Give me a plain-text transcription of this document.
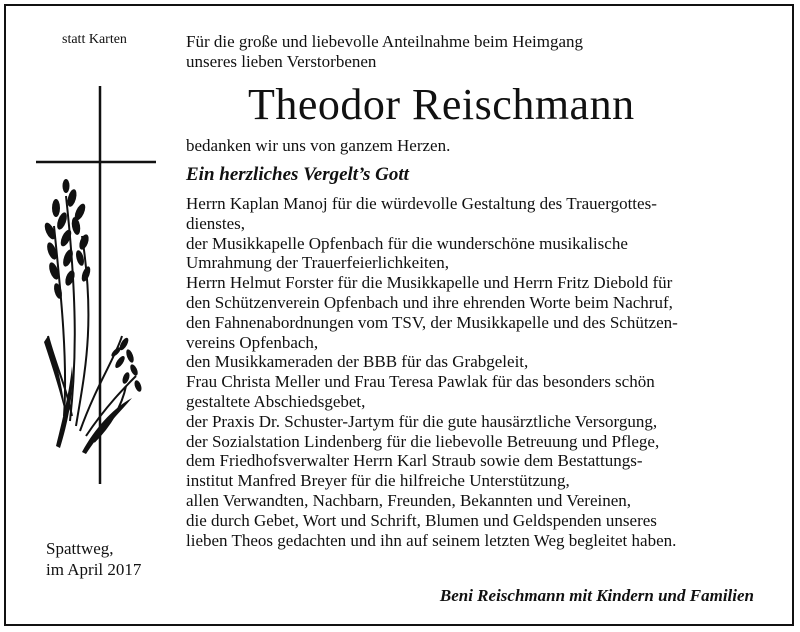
statt Karten
Spattweg,
im April 2017
Für die große und liebevolle Anteilnahme beim Heimgang
unseres lieben Verstorbenen
Theodor Reischmann
bedanken wir uns von ganzem Herzen.
Ein herzliches Vergelt’s Gott
Herrn Kaplan Manoj für die würdevolle Gestaltung des Trauergottes-
dienstes,
der Musikkapelle Opfenbach für die wunderschöne musikalische
Umrahmung der Trauerfeierlichkeiten,
Herrn Helmut Forster für die Musikkapelle und Herrn Fritz Diebold für
den Schützenverein Opfenbach und ihre ehrenden Worte beim Nachruf,
den Fahnenabordnungen vom TSV, der Musikkapelle und des Schützen-
vereins Opfenbach,
den Musikkameraden der BBB für das Grabgeleit,
Frau Christa Meller und Frau Teresa Pawlak für das besonders schön
gestaltete Abschiedsgebet,
der Praxis Dr. Schuster-Jartym für die gute hausärztliche Versorgung,
der Sozialstation Lindenberg für die liebevolle Betreuung und Pflege,
dem Friedhofsverwalter Herrn Karl Straub sowie dem Bestattungs-
institut Manfred Breyer für die hilfreiche Unterstützung,
allen Verwandten, Nachbarn, Freunden, Bekannten und Vereinen,
die durch Gebet, Wort und Schrift, Blumen und Geldspenden unseres
lieben Theos gedachten und ihn auf seinem letzten Weg begleitet haben.
Beni Reischmann mit Kindern und Familien
